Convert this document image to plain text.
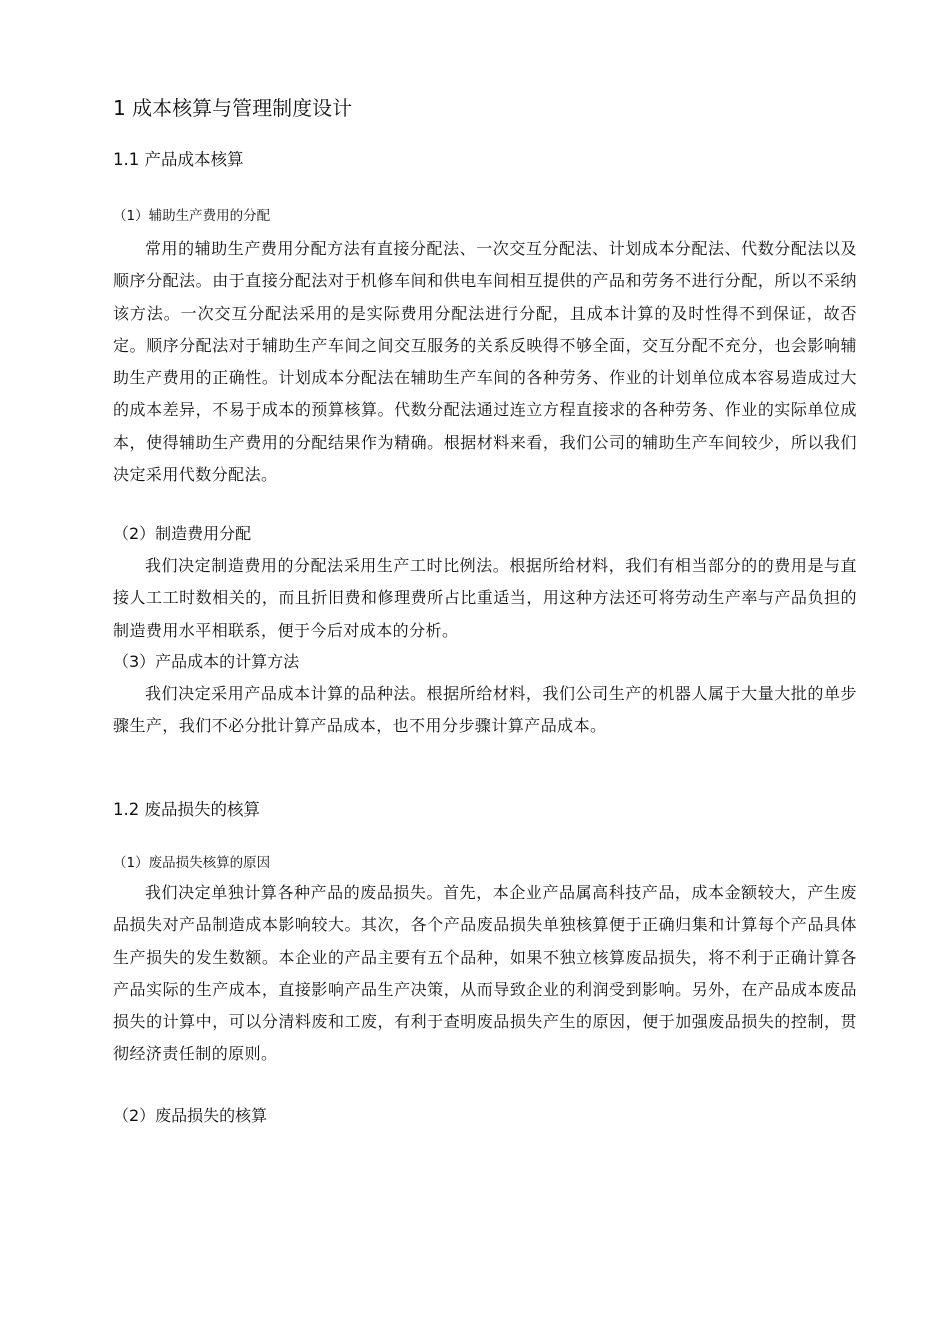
1 成本核算与管理制度设计
1.1 产品成本核算
（1）辅助生产费用的分配
常用的辅助生产费用分配方法有直接分配法、一次交互分配法、计划成本分配法、代数分配法以及顺序分配法。由于直接分配法对于机修车间和供电车间相互提供的产品和劳务不进行分配，所以不采纳该方法。一次交互分配法采用的是实际费用分配法进行分配，且成本计算的及时性得不到保证，故否定。顺序分配法对于辅助生产车间之间交互服务的关系反映得不够全面，交互分配不充分，也会影响辅助生产费用的正确性。计划成本分配法在辅助生产车间的各种劳务、作业的计划单位成本容易造成过大的成本差异，不易于成本的预算核算。代数分配法通过连立方程直接求的各种劳务、作业的实际单位成本，使得辅助生产费用的分配结果作为精确。根据材料来看，我们公司的辅助生产车间较少，所以我们决定采用代数分配法。
（2）制造费用分配
我们决定制造费用的分配法采用生产工时比例法。根据所给材料，我们有相当部分的的费用是与直接人工工时数相关的，而且折旧费和修理费所占比重适当，用这种方法还可将劳动生产率与产品负担的制造费用水平相联系，便于今后对成本的分析。
（3）产品成本的计算方法
我们决定采用产品成本计算的品种法。根据所给材料，我们公司生产的机器人属于大量大批的单步骤生产，我们不必分批计算产品成本，也不用分步骤计算产品成本。
1.2 废品损失的核算
（1）废品损失核算的原因
我们决定单独计算各种产品的废品损失。首先，本企业产品属高科技产品，成本金额较大，产生废品损失对产品制造成本影响较大。其次，各个产品废品损失单独核算便于正确归集和计算每个产品具体生产损失的发生数额。本企业的产品主要有五个品种，如果不独立核算废品损失，将不利于正确计算各产品实际的生产成本，直接影响产品生产决策，从而导致企业的利润受到影响。另外，在产品成本废品损失的计算中，可以分清料废和工废，有利于查明废品损失产生的原因，便于加强废品损失的控制，贯彻经济责任制的原则。
（2）废品损失的核算
